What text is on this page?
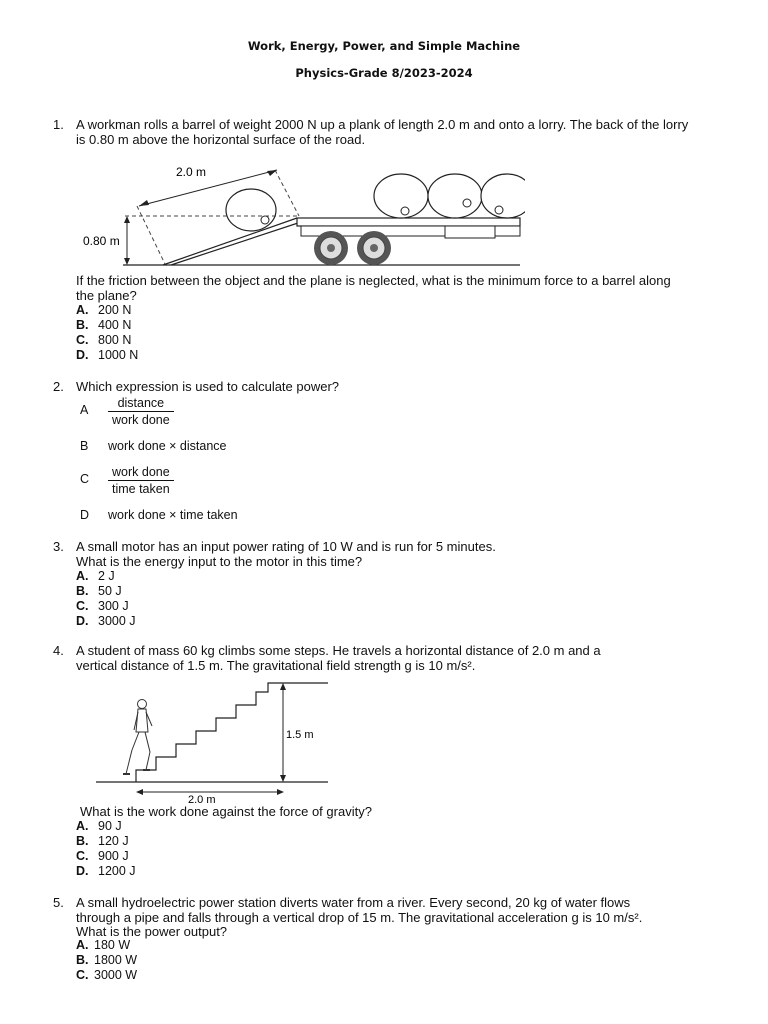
Work, Energy, Power, and Simple Machine
Physics-Grade 8/2023-2024
1. A workman rolls a barrel of weight 2000 N up a plank of length 2.0 m and onto a lorry. The back of the lorry
is 0.80 m above the horizontal surface of the road.
2.0 m
0.80 m
If the friction between the object and the plane is neglected, what is the minimum force to a barrel along
the plane?
A. 200 N
B. 400 N
C. 800 N
D. 1000 N
2. Which expression is used to calculate power?
A	distance
work done
B work done × distance
C	work done
time taken
D work done × time taken
3. A small motor has an input power rating of 10 W and is run for 5 minutes.
What is the energy input to the motor in this time?
A. 2 J
B. 50 J
C. 300 J
D. 3000 J
4. A student of mass 60 kg climbs some steps. He travels a horizontal distance of 2.0 m and a
vertical distance of 1.5 m. The gravitational field strength g is 10 m/s².
1.5 m
2.0 m
What is the work done against the force of gravity?
A. 90 J
B. 120 J
C. 900 J
D. 1200 J
5. A small hydroelectric power station diverts water from a river. Every second, 20 kg of water flows
through a pipe and falls through a vertical drop of 15 m. The gravitational acceleration g is 10 m/s².
What is the power output?
A. 180 W
B. 1800 W
C. 3000 W
